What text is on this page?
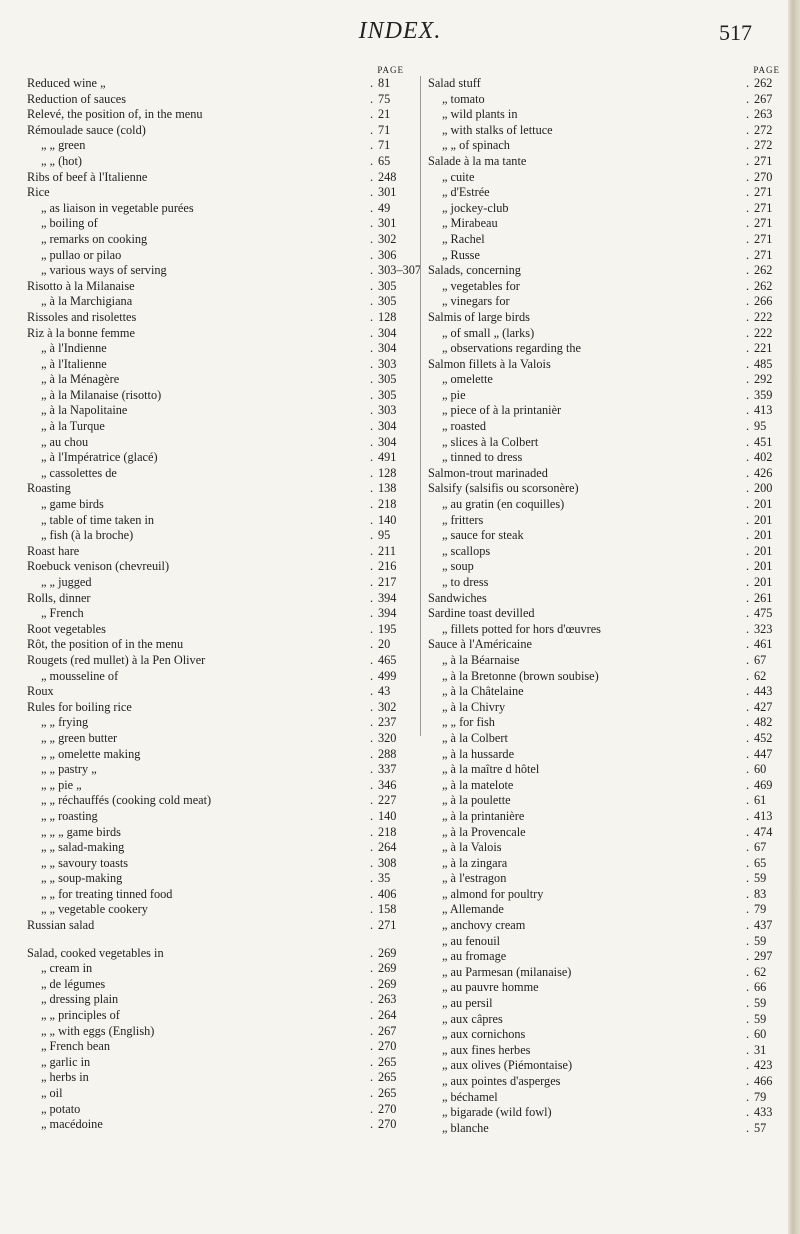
INDEX.	517
PAGE
Reduced wine „	. 81
Reduction of sauces	. 75
Relevé, the position of, in the menu	. 21
Rémoulade sauce (cold)	. 71
„ „ green	. 71
„ „ (hot)	. 65
Ribs of beef à l'Italienne	. 248
Rice	. 301
„ as liaison in vegetable purées	. 49
„ boiling of	. 301
„ remarks on cooking	. 302
„ pullao or pilao	. 306
„ various ways of serving	. 303–307
Risotto à la Milanaise	. 305
„ à la Marchigiana	. 305
Rissoles and risolettes	. 128
Riz à la bonne femme	. 304
„ à l'Indienne	. 304
„ à l'Italienne	. 303
„ à la Ménagère	. 305
„ à la Milanaise (risotto)	. 305
„ à la Napolitaine	. 303
„ à la Turque	. 304
„ au chou	. 304
„ à l'Impératrice (glacé)	. 491
„ cassolettes de	. 128
Roasting	. 138
„ game birds	. 218
„ table of time taken in	. 140
„ fish (à la broche)	. 95
Roast hare	. 211
Roebuck venison (chevreuil)	. 216
„ „ jugged	. 217
Rolls, dinner	. 394
„ French	. 394
Root vegetables	. 195
Rôt, the position of in the menu	. 20
Rougets (red mullet) à la Pen Oliver	. 465
„ mousseline of	. 499
Roux	. 43
Rules for boiling rice	. 302
„ „ frying	. 237
„ „ green butter	. 320
„ „ omelette making	. 288
„ „ pastry „	. 337
„ „ pie „	. 346
„ „ réchauffés (cooking cold meat)	. 227
„ „ roasting	. 140
„ „ „ game birds	. 218
„ „ salad-making	. 264
„ „ savoury toasts	. 308
„ „ soup-making	. 35
„ „ for treating tinned food	. 406
„ „ vegetable cookery	. 158
Russian salad	. 271
Salad, cooked vegetables in	. 269
„ cream in	. 269
„ de légumes	. 269
„ dressing plain	. 263
„ „ principles of	. 264
„ „ with eggs (English)	. 267
„ French bean	. 270
„ garlic in	. 265
„ herbs in	. 265
„ oil	. 265
„ potato	. 270
„ macédoine	. 270
PAGE
Salad stuff	. 262
„ tomato	. 267
„ wild plants in	. 263
„ with stalks of lettuce	. 272
„ „ of spinach	. 272
Salade à la ma tante	. 271
„ cuite	. 270
„ d'Estrée	. 271
„ jockey-club	. 271
„ Mirabeau	. 271
„ Rachel	. 271
„ Russe	. 271
Salads, concerning	. 262
„ vegetables for	. 262
„ vinegars for	. 266
Salmis of large birds	. 222
„ of small „ (larks)	. 222
„ observations regarding the	. 221
Salmon fillets à la Valois	. 485
„ omelette	. 292
„ pie	. 359
„ piece of à la printanièr	. 413
„ roasted	. 95
„ slices à la Colbert	. 451
„ tinned to dress	. 402
Salmon-trout marinaded	. 426
Salsify (salsifis ou scorsonère)	. 200
„ au gratin (en coquilles)	. 201
„ fritters	. 201
„ sauce for steak	. 201
„ scallops	. 201
„ soup	. 201
„ to dress	. 201
Sandwiches	. 261
Sardine toast devilled	. 475
„ fillets potted for hors d'œuvres	. 323
Sauce à l'Américaine	. 461
„ à la Béarnaise	. 67
„ à la Bretonne (brown soubise)	. 62
„ à la Châtelaine	. 443
„ à la Chivry	. 427
„ „ for fish	. 482
„ à la Colbert	. 452
„ à la hussarde	. 447
„ à la maître d hôtel	. 60
„ à la matelote	. 469
„ à la poulette	. 61
„ à la printanière	. 413
„ à la Provencale	. 474
„ à la Valois	. 67
„ à la zingara	. 65
„ à l'estragon	. 59
„ almond for poultry	. 83
„ Allemande	. 79
„ anchovy cream	. 437
„ au fenouil	. 59
„ au fromage	. 297
„ au Parmesan (milanaise)	. 62
„ au pauvre homme	. 66
„ au persil	. 59
„ aux câpres	. 59
„ aux cornichons	. 60
„ aux fines herbes	. 31
„ aux olives (Piémontaise)	. 423
„ aux pointes d'asperges	. 466
„ béchamel	. 79
„ bigarade (wild fowl)	. 433
„ blanche	. 57
